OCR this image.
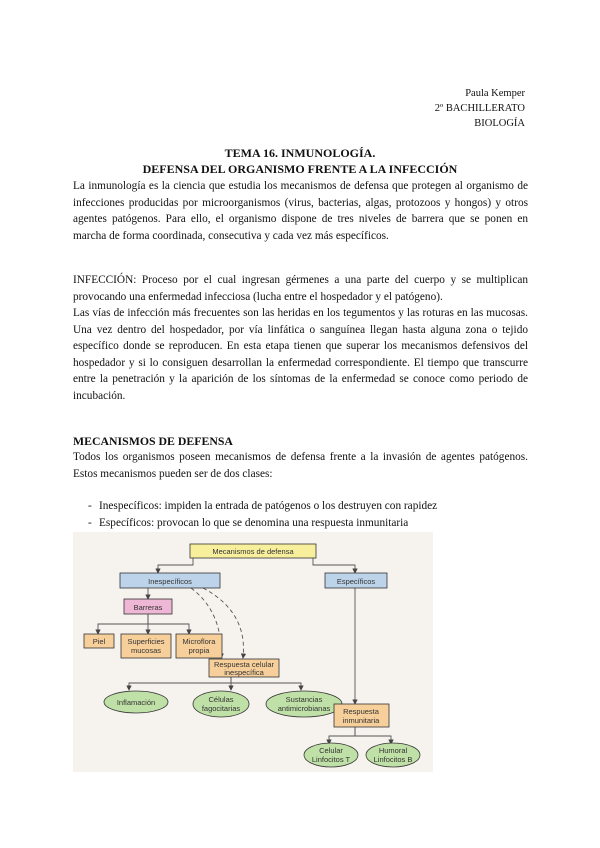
Paula Kemper
2º BACHILLERATO
BIOLOGÍA
TEMA 16. INMUNOLOGÍA.
DEFENSA DEL ORGANISMO FRENTE A LA INFECCIÓN

La inmunología es la ciencia que estudia los mecanismos de defensa que protegen al organismo de infecciones producidas por microorganismos (virus, bacterias, algas, protozoos y hongos) y otros agentes patógenos. Para ello, el organismo dispone de tres niveles de barrera que se ponen en marcha de forma coordinada, consecutiva y cada vez más específicos.

INFECCIÓN: Proceso por el cual ingresan gérmenes a una parte del cuerpo y se multiplican provocando una enfermedad infecciosa (lucha entre el hospedador y el patógeno).

Las vías de infección más frecuentes son las heridas en los tegumentos y las roturas en las mucosas. Una vez dentro del hospedador, por vía linfática o sanguínea llegan hasta alguna zona o tejido específico donde se reproducen. En esta etapa tienen que superar los mecanismos defensivos del hospedador y si lo consiguen desarrollan la enfermedad correspondiente. El tiempo que transcurre entre la penetración y la aparición de los síntomas de la enfermedad se conoce como periodo de incubación.

MECANISMOS DE DEFENSA

Todos los organismos poseen mecanismos de defensa frente a la invasión de agentes patógenos. Estos mecanismos pueden ser de dos clases:

- Inespecíficos: impiden la entrada de patógenos o los destruyen con rapidez
- Específicos: provocan lo que se denomina una respuesta inmunitaria
Mecanismos de defensa
Inespecíficos	Específicos
Barreras
Piel	Superficies
mucosas
Microflora
propia
Respuesta celular
inespecífica
Inflamación	Células
fagocitarias
Sustancias
antimicrobianas Respuesta
inmunitaria
Celular
Linfocitos T
Humoral
Linfocitos B
